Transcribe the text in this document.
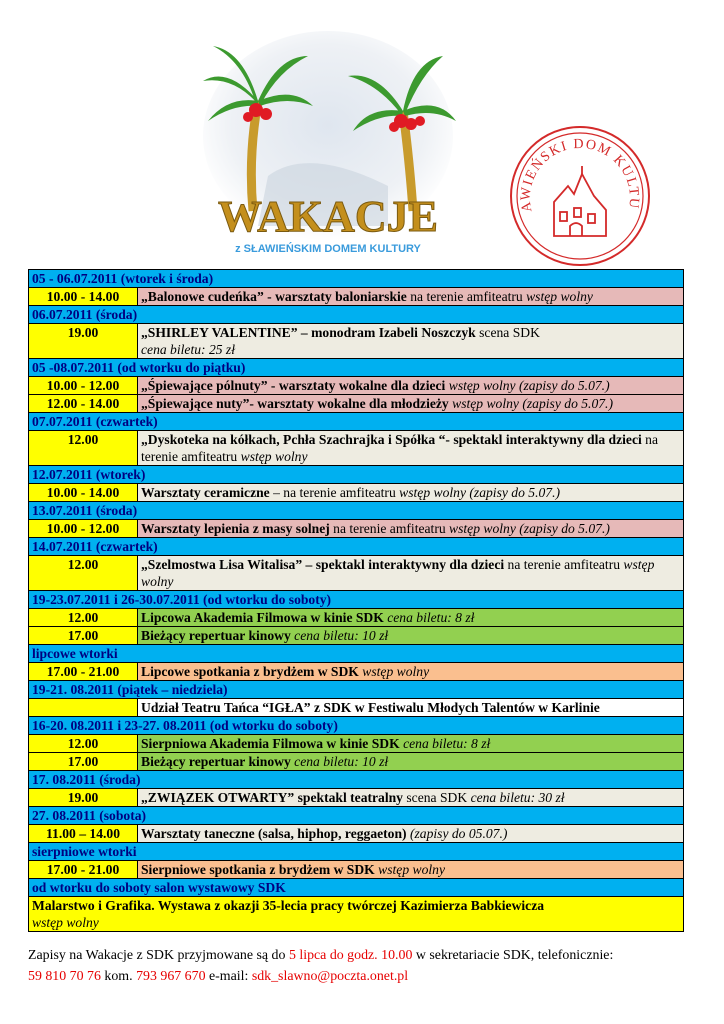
WAKACJE
z SŁAWIEŃSKIM DOMEM KULTURY
AWIEŃSKI DOM KULTU
05 - 06.07.2011 (wtorek i środa)	
10.00 - 14.00	„Balonowe cudeńka” - warsztaty baloniarskie na terenie amfiteatru wstęp wolny
06.07.2011 (środa)	
19.00	„SHIRLEY VALENTINE” – monodram Izabeli Noszczyk scena SDK
cena biletu: 25 zł
05 -08.07.2011 (od wtorku do piątku)	
10.00 - 12.00	„Śpiewające pólnuty” - warsztaty wokalne dla dzieci wstęp wolny (zapisy do 5.07.)
12.00 - 14.00	„Śpiewające nuty”- warsztaty wokalne dla młodzieży wstęp wolny (zapisy do 5.07.)
07.07.2011 (czwartek)	
12.00	„Dyskoteka na kółkach, Pchła Szachrajka i Spółka “- spektakl interaktywny dla dzieci na terenie amfiteatru wstęp wolny
12.07.2011 (wtorek)	
10.00 - 14.00	Warsztaty ceramiczne – na terenie amfiteatru wstęp wolny (zapisy do 5.07.)
13.07.2011 (środa)	
10.00 - 12.00	Warsztaty lepienia z masy solnej na terenie amfiteatru wstęp wolny (zapisy do 5.07.)
14.07.2011 (czwartek)	
12.00	„Szelmostwa Lisa Witalisa” – spektakl interaktywny dla dzieci na terenie amfiteatru wstęp wolny
19-23.07.2011 i 26-30.07.2011 (od wtorku do soboty)	
12.00	Lipcowa Akademia Filmowa w kinie SDK cena biletu: 8 zł
17.00	Bieżący repertuar kinowy cena biletu: 10 zł
lipcowe wtorki	
17.00 - 21.00	Lipcowe spotkania z brydżem w SDK wstęp wolny
19-21. 08.2011 (piątek – niedziela)	
	Udział Teatru Tańca “IGŁA” z SDK w Festiwalu Młodych Talentów w Karlinie
16-20. 08.2011 i 23-27. 08.2011 (od wtorku do soboty)	
12.00	Sierpniowa Akademia Filmowa w kinie SDK cena biletu: 8 zł
17.00	Bieżący repertuar kinowy cena biletu: 10 zł
17. 08.2011 (środa)	
19.00	„ZWIĄZEK OTWARTY” spektakl teatralny scena SDK cena biletu: 30 zł
27. 08.2011 (sobota)	
11.00 – 14.00	Warsztaty taneczne (salsa, hiphop, reggaeton) (zapisy do 05.07.)
sierpniowe wtorki	
17.00 - 21.00	Sierpniowe spotkania z brydżem w SDK wstęp wolny
od wtorku do soboty salon wystawowy SDK	
Malarstwo i Grafika. Wystawa z okazji 35-lecia pracy twórczej Kazimierza Babkiewicza
wstęp wolny	
Zapisy na Wakacje z SDK przyjmowane są do 5 lipca do godz. 10.00 w sekretariacie SDK, telefonicznie:
59 810 70 76 kom. 793 967 670 e-mail: sdk_slawno@poczta.onet.pl
